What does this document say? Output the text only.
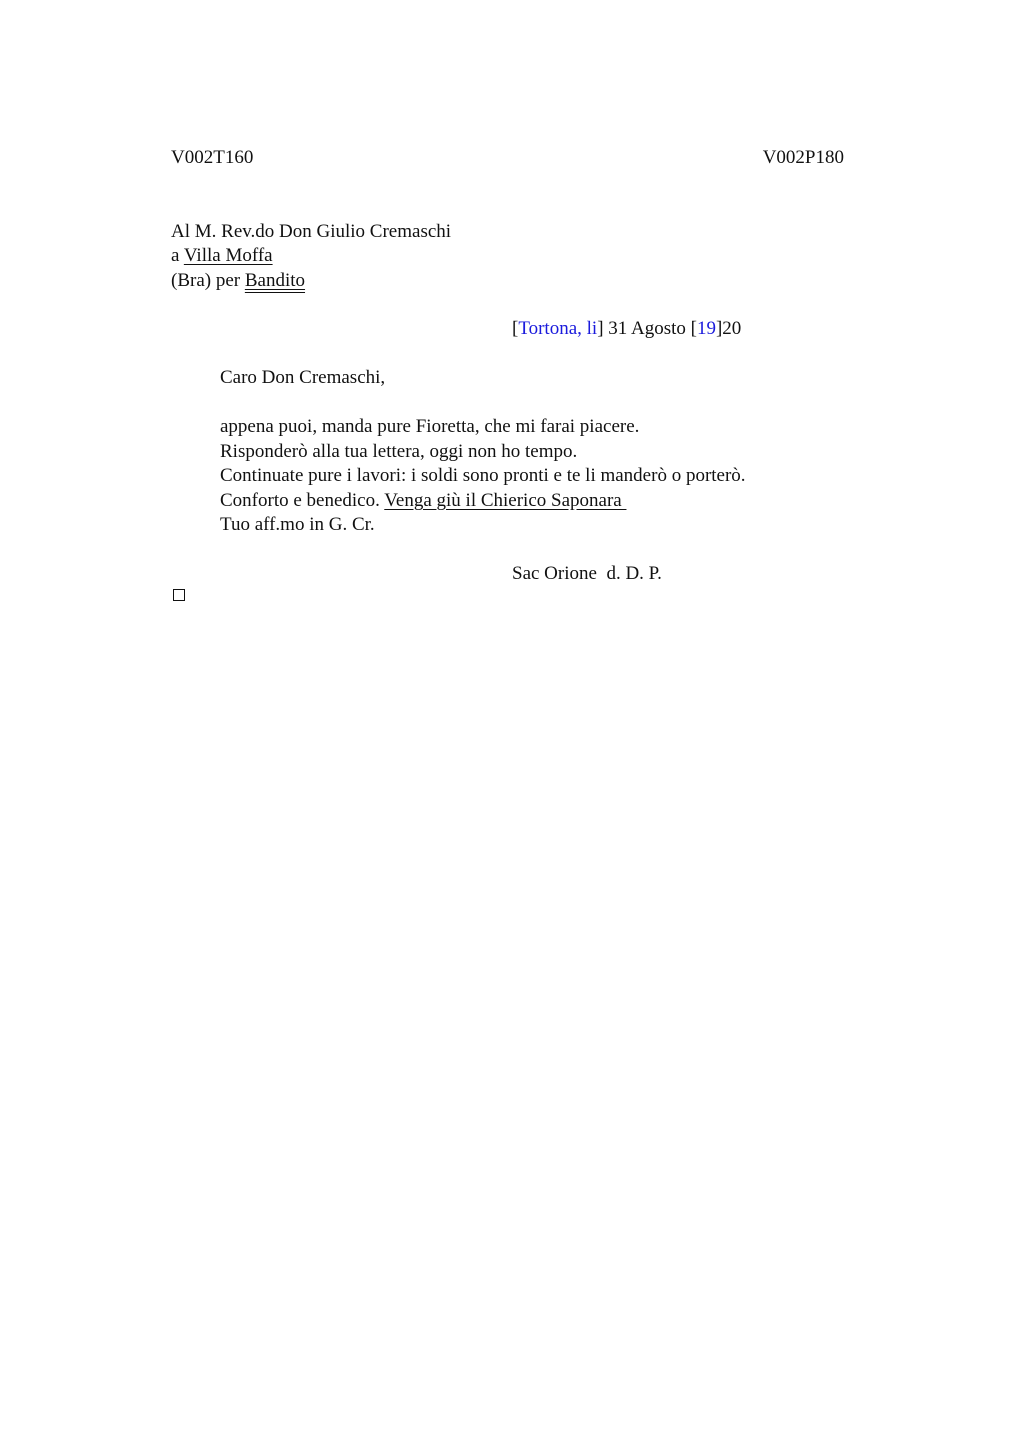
V002T160	V002P180
Al M. Rev.do Don Giulio Cremaschi
a Villa Moffa
(Bra) per Bandito
[Tortona, li] 31 Agosto [19]20
Caro Don Cremaschi,
appena puoi, manda pure Fioretta, che mi farai piacere.
Risponderò alla tua lettera, oggi non ho tempo.
Continuate pure i lavori: i soldi sono pronti e te li manderò o porterò.
Conforto e benedico. Venga giù il Chierico Saponara
Tuo aff.mo in G. Cr.
Sac Orione  d. D. P.
